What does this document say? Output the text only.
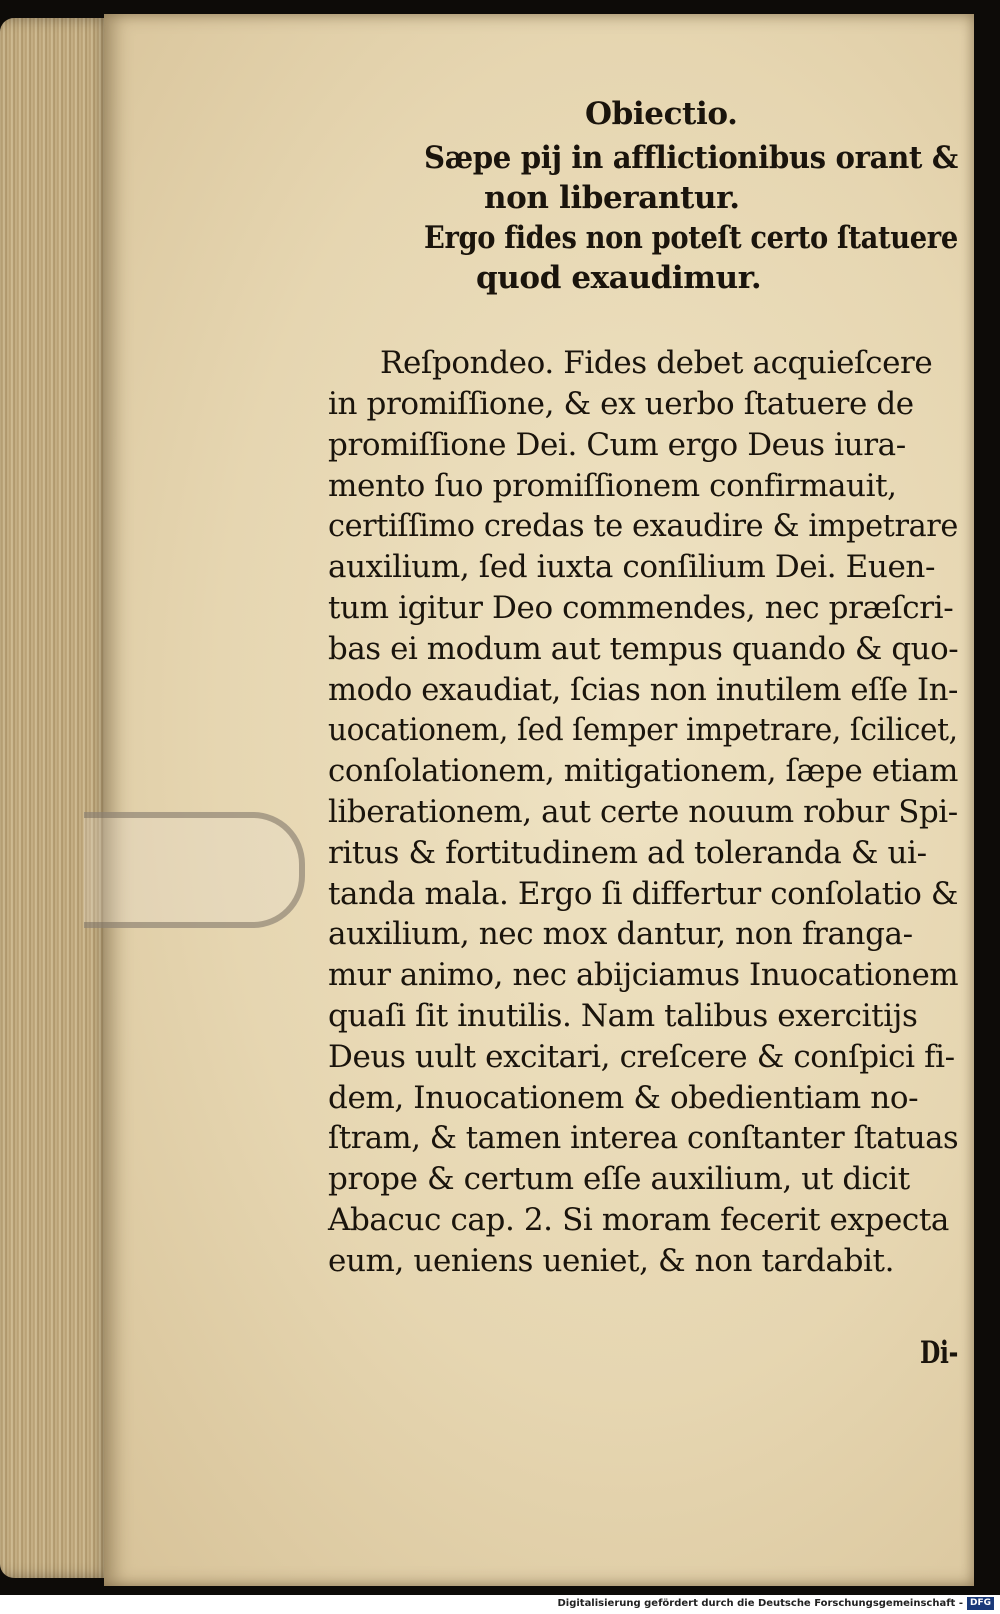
Obiectio.
Sæpe pij in afflictionibus orant &
non liberantur.
Ergo fides non poteſt certo ſtatuere
quod exaudimur.
Reſpondeo. Fides debet acquieſcere
in promiſſione, & ex uerbo ſtatuere de
promiſſione Dei. Cum ergo Deus iura-
mento ſuo promiſſionem confirmauit,
certiſſimo credas te exaudire & impetrare
auxilium, ſed iuxta conſilium Dei. Euen-
tum igitur Deo commendes, nec præſcri-
bas ei modum aut tempus quando & quo-
modo exaudiat, ſcias non inutilem eſſe In-
uocationem, ſed ſemper impetrare, ſcilicet,
conſolationem, mitigationem, ſæpe etiam
liberationem, aut certe nouum robur Spi-
ritus & fortitudinem ad toleranda & ui-
tanda mala. Ergo ſi differtur conſolatio &
auxilium, nec mox dantur, non franga-
mur animo, nec abijciamus Inuocationem
quaſi ſit inutilis. Nam talibus exercitijs
Deus uult excitari, creſcere & conſpici fi-
dem, Inuocationem & obedientiam no-
ſtram, & tamen interea conſtanter ſtatuas
prope & certum eſſe auxilium, ut dicit
Abacuc cap. 2. Si moram fecerit expecta
eum, ueniens ueniet, & non tardabit.
Di-
Digitalisierung gefördert durch die Deutsche Forschungsgemeinschaft - DFG
